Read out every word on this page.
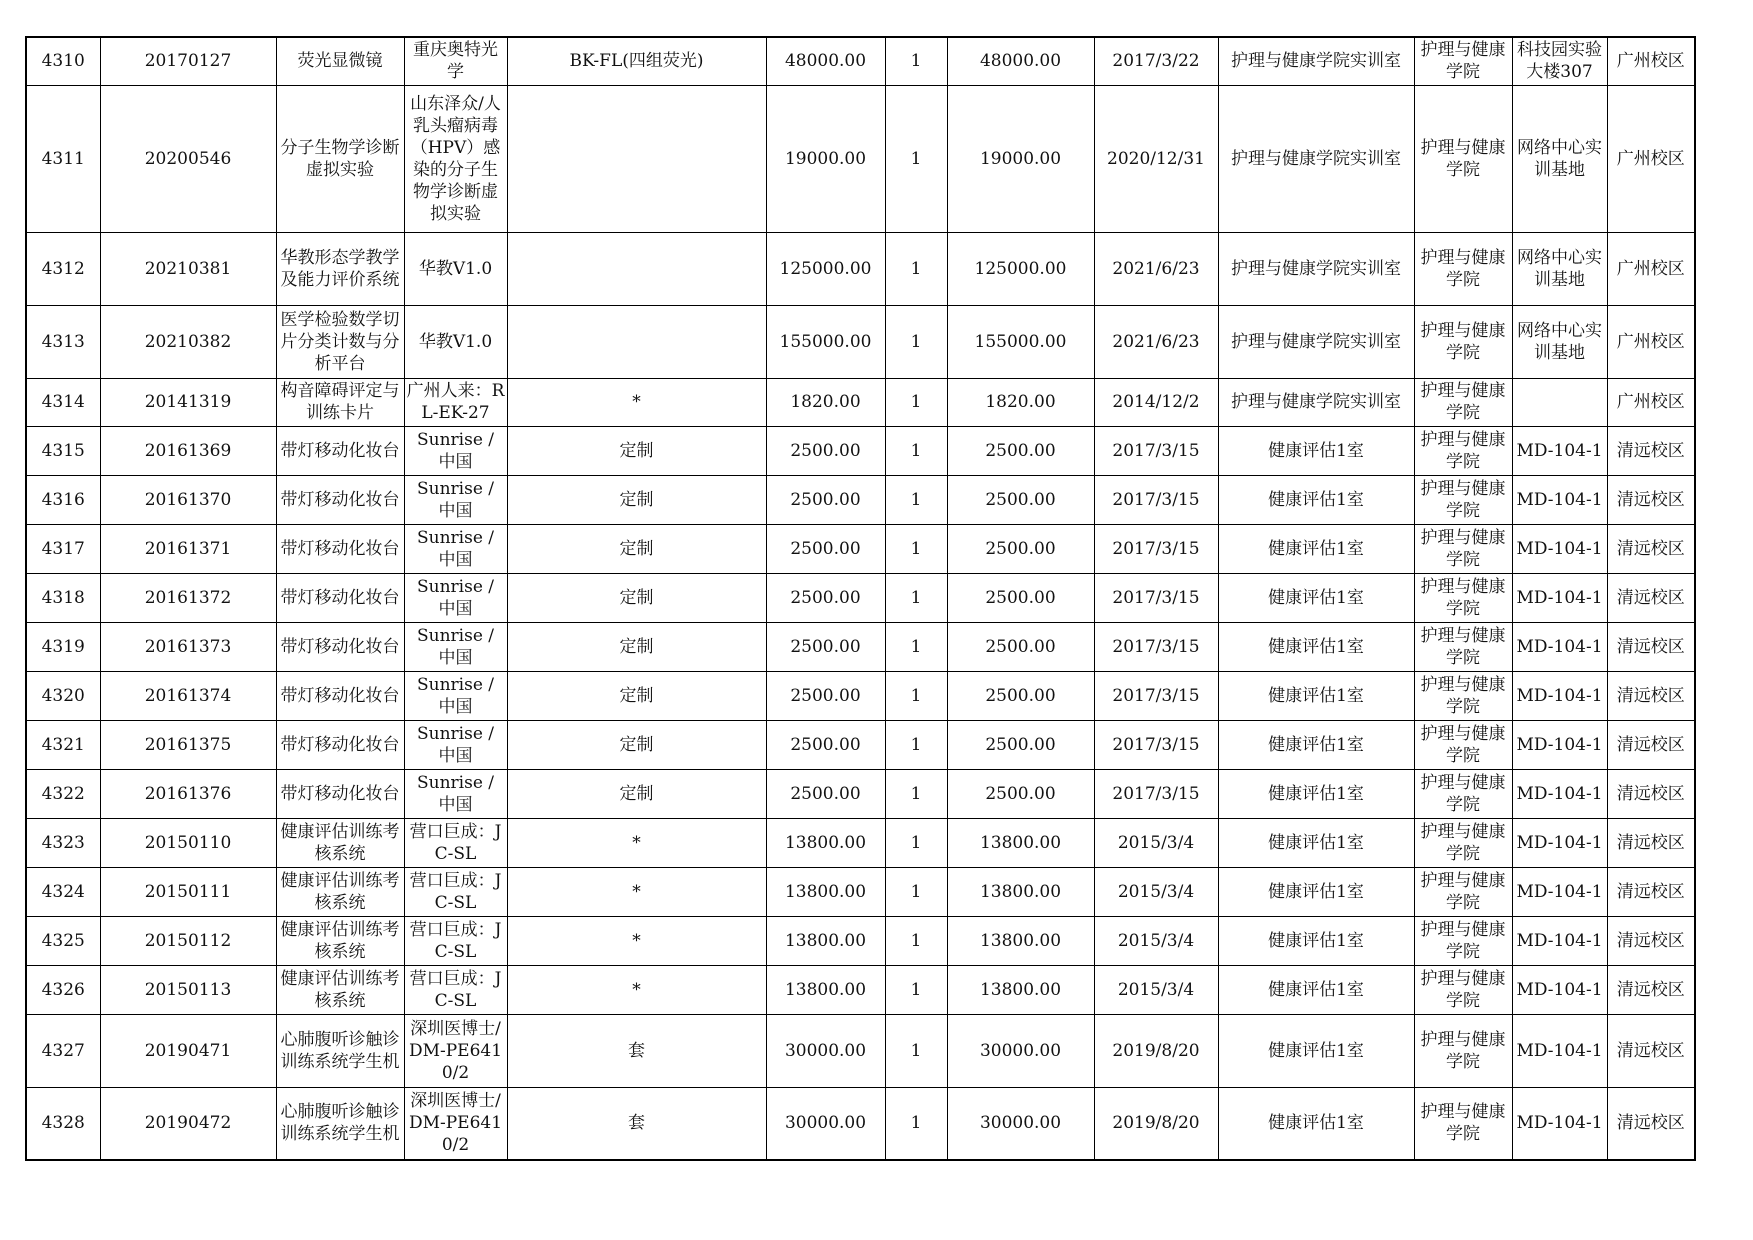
4310	20170127	荧光显微镜	重庆奥特光学	BK-FL(四组荧光)	48000.00	1	48000.00	2017/3/22	护理与健康学院实训室	护理与健康学院	科技园实验大楼307	广州校区
4311	20200546	分子生物学诊断虚拟实验	山东泽众/人乳头瘤病毒（HPV）感染的分子生物学诊断虚拟实验		19000.00	1	19000.00	2020/12/31	护理与健康学院实训室	护理与健康学院	网络中心实训基地	广州校区
4312	20210381	华教形态学教学及能力评价系统	华教V1.0		125000.00	1	125000.00	2021/6/23	护理与健康学院实训室	护理与健康学院	网络中心实训基地	广州校区
4313	20210382	医学检验数学切片分类计数与分析平台	华教V1.0		155000.00	1	155000.00	2021/6/23	护理与健康学院实训室	护理与健康学院	网络中心实训基地	广州校区
4314	20141319	构音障碍评定与训练卡片	广州人来：RL-EK-27	*	1820.00	1	1820.00	2014/12/2	护理与健康学院实训室	护理与健康学院		广州校区
4315	20161369	带灯移动化妆台	Sunrise / 中国	定制	2500.00	1	2500.00	2017/3/15	健康评估1室	护理与健康学院	MD-104-1	清远校区
4316	20161370	带灯移动化妆台	Sunrise / 中国	定制	2500.00	1	2500.00	2017/3/15	健康评估1室	护理与健康学院	MD-104-1	清远校区
4317	20161371	带灯移动化妆台	Sunrise / 中国	定制	2500.00	1	2500.00	2017/3/15	健康评估1室	护理与健康学院	MD-104-1	清远校区
4318	20161372	带灯移动化妆台	Sunrise / 中国	定制	2500.00	1	2500.00	2017/3/15	健康评估1室	护理与健康学院	MD-104-1	清远校区
4319	20161373	带灯移动化妆台	Sunrise / 中国	定制	2500.00	1	2500.00	2017/3/15	健康评估1室	护理与健康学院	MD-104-1	清远校区
4320	20161374	带灯移动化妆台	Sunrise / 中国	定制	2500.00	1	2500.00	2017/3/15	健康评估1室	护理与健康学院	MD-104-1	清远校区
4321	20161375	带灯移动化妆台	Sunrise / 中国	定制	2500.00	1	2500.00	2017/3/15	健康评估1室	护理与健康学院	MD-104-1	清远校区
4322	20161376	带灯移动化妆台	Sunrise / 中国	定制	2500.00	1	2500.00	2017/3/15	健康评估1室	护理与健康学院	MD-104-1	清远校区
4323	20150110	健康评估训练考核系统	营口巨成：JC-SL	*	13800.00	1	13800.00	2015/3/4	健康评估1室	护理与健康学院	MD-104-1	清远校区
4324	20150111	健康评估训练考核系统	营口巨成：JC-SL	*	13800.00	1	13800.00	2015/3/4	健康评估1室	护理与健康学院	MD-104-1	清远校区
4325	20150112	健康评估训练考核系统	营口巨成：JC-SL	*	13800.00	1	13800.00	2015/3/4	健康评估1室	护理与健康学院	MD-104-1	清远校区
4326	20150113	健康评估训练考核系统	营口巨成：JC-SL	*	13800.00	1	13800.00	2015/3/4	健康评估1室	护理与健康学院	MD-104-1	清远校区
4327	20190471	心肺腹听诊触诊训练系统学生机	深圳医博士/DM-PE6410/2	套	30000.00	1	30000.00	2019/8/20	健康评估1室	护理与健康学院	MD-104-1	清远校区
4328	20190472	心肺腹听诊触诊训练系统学生机	深圳医博士/DM-PE6410/2	套	30000.00	1	30000.00	2019/8/20	健康评估1室	护理与健康学院	MD-104-1	清远校区
